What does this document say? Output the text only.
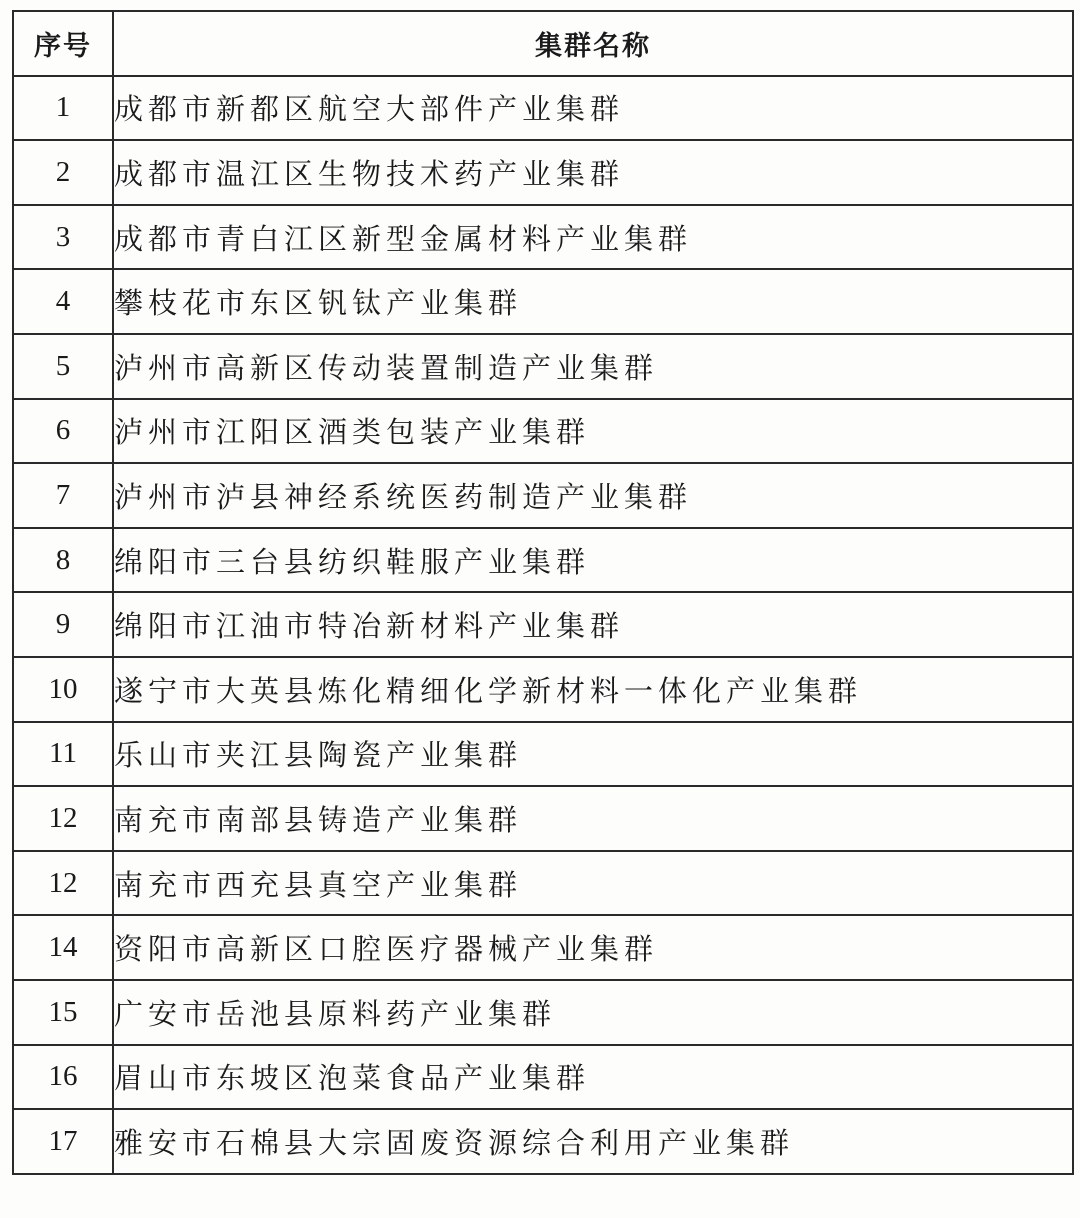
序号	集群名称
1	成都市新都区航空大部件产业集群
2	成都市温江区生物技术药产业集群
3	成都市青白江区新型金属材料产业集群
4	攀枝花市东区钒钛产业集群
5	泸州市高新区传动装置制造产业集群
6	泸州市江阳区酒类包装产业集群
7	泸州市泸县神经系统医药制造产业集群
8	绵阳市三台县纺织鞋服产业集群
9	绵阳市江油市特冶新材料产业集群
10	遂宁市大英县炼化精细化学新材料一体化产业集群
11	乐山市夹江县陶瓷产业集群
12	南充市南部县铸造产业集群
12	南充市西充县真空产业集群
14	资阳市高新区口腔医疗器械产业集群
15	广安市岳池县原料药产业集群
16	眉山市东坡区泡菜食品产业集群
17	雅安市石棉县大宗固废资源综合利用产业集群
